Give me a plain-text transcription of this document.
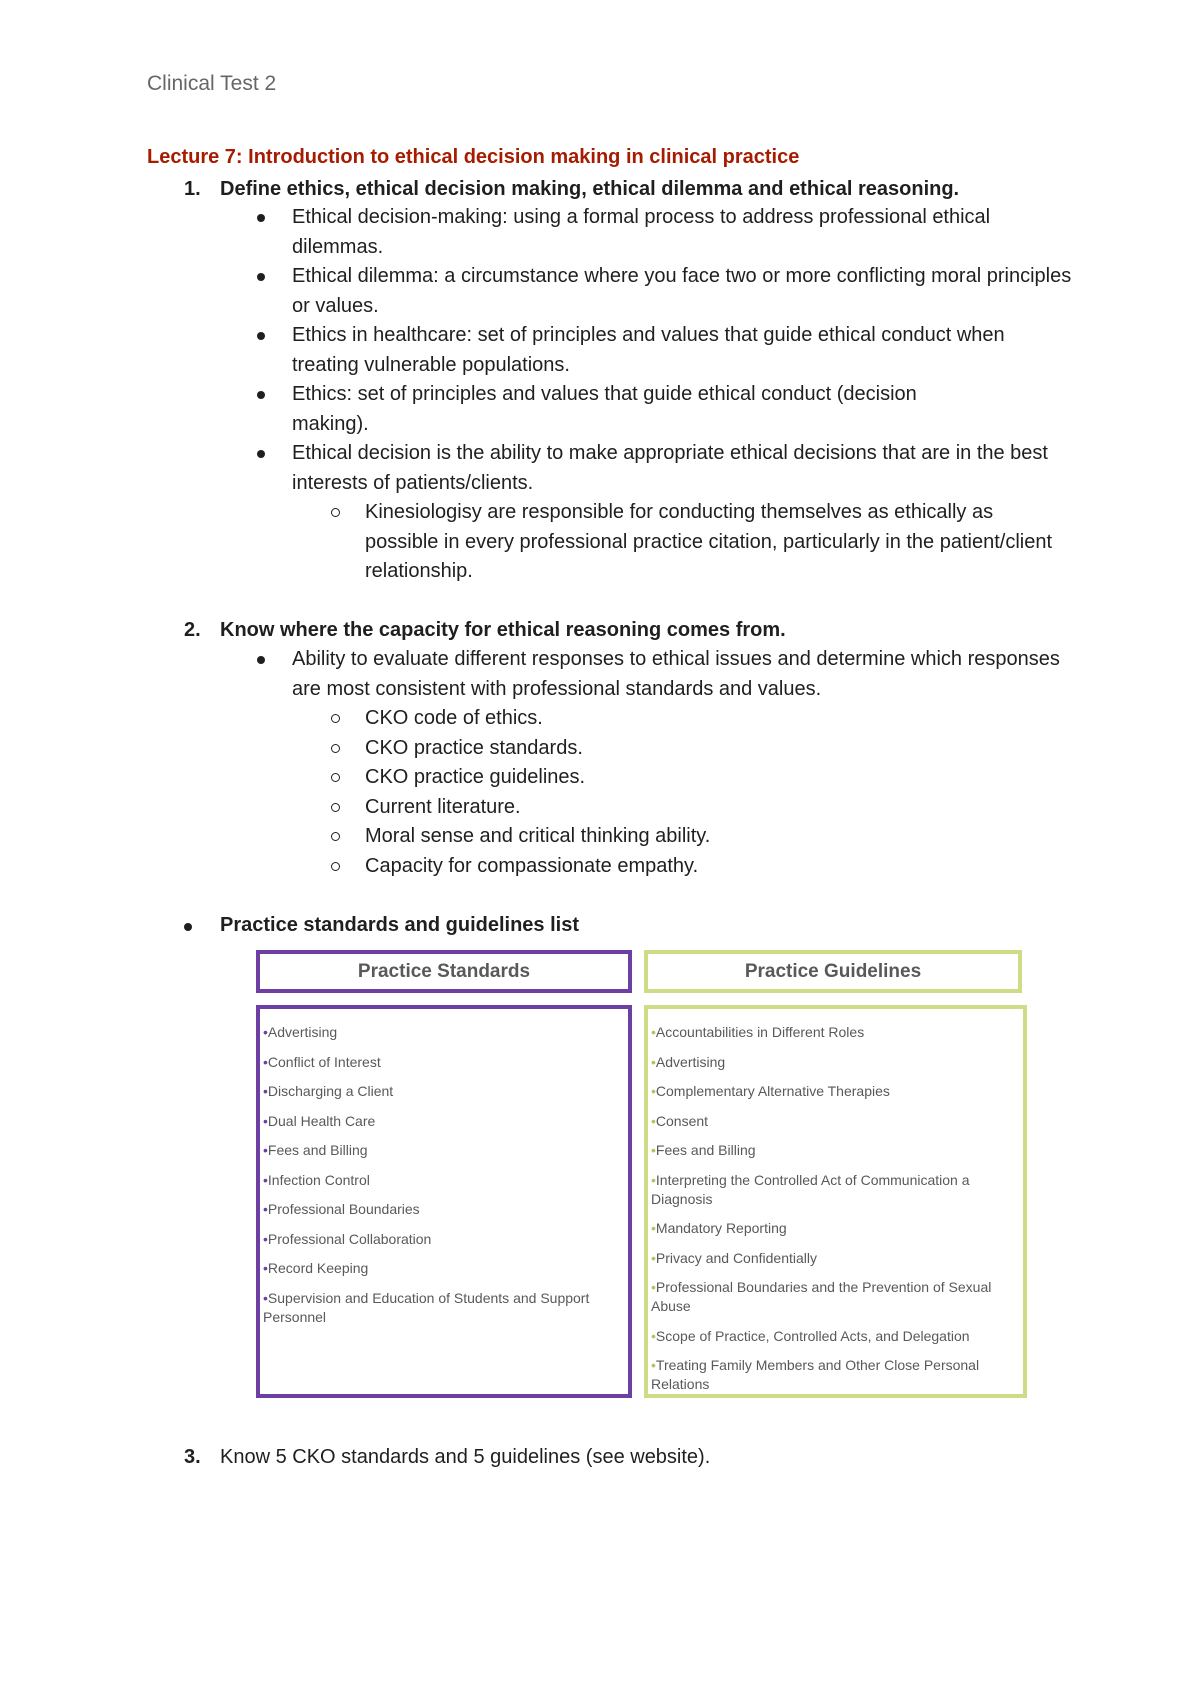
Clinical Test 2
Lecture 7: Introduction to ethical decision making in clinical practice
1. Define ethics, ethical decision making, ethical dilemma and ethical reasoning.
Ethical decision-making: using a formal process to address professional ethical dilemmas.
Ethical dilemma: a circumstance where you face two or more conflicting moral principles or values.
Ethics in healthcare: set of principles and values that guide ethical conduct when treating vulnerable populations.
Ethics: set of principles and values that guide ethical conduct (decision making).
Ethical decision is the ability to make appropriate ethical decisions that are in the best interests of patients/clients.
Kinesiologisy are responsible for conducting themselves as ethically as possible in every professional practice citation, particularly in the patient/client relationship.
2. Know where the capacity for ethical reasoning comes from.
Ability to evaluate different responses to ethical issues and determine which responses are most consistent with professional standards and values.
CKO code of ethics.
CKO practice standards.
CKO practice guidelines.
Current literature.
Moral sense and critical thinking ability.
Capacity for compassionate empathy.
Practice standards and guidelines list
Practice Standards	Practice Guidelines
•Advertising
•Conflict of Interest
•Discharging a Client
•Dual Health Care
•Fees and Billing
•Infection Control
•Professional Boundaries
•Professional Collaboration
•Record Keeping
•Supervision and Education of Students and Support Personnel
•Accountabilities in Different Roles
•Advertising
•Complementary Alternative Therapies
•Consent
•Fees and Billing
•Interpreting the Controlled Act of Communication a Diagnosis
•Mandatory Reporting
•Privacy and Confidentially
•Professional Boundaries and the Prevention of Sexual Abuse
•Scope of Practice, Controlled Acts, and Delegation
•Treating Family Members and Other Close Personal Relations
3. Know 5 CKO standards and 5 guidelines (see website).
